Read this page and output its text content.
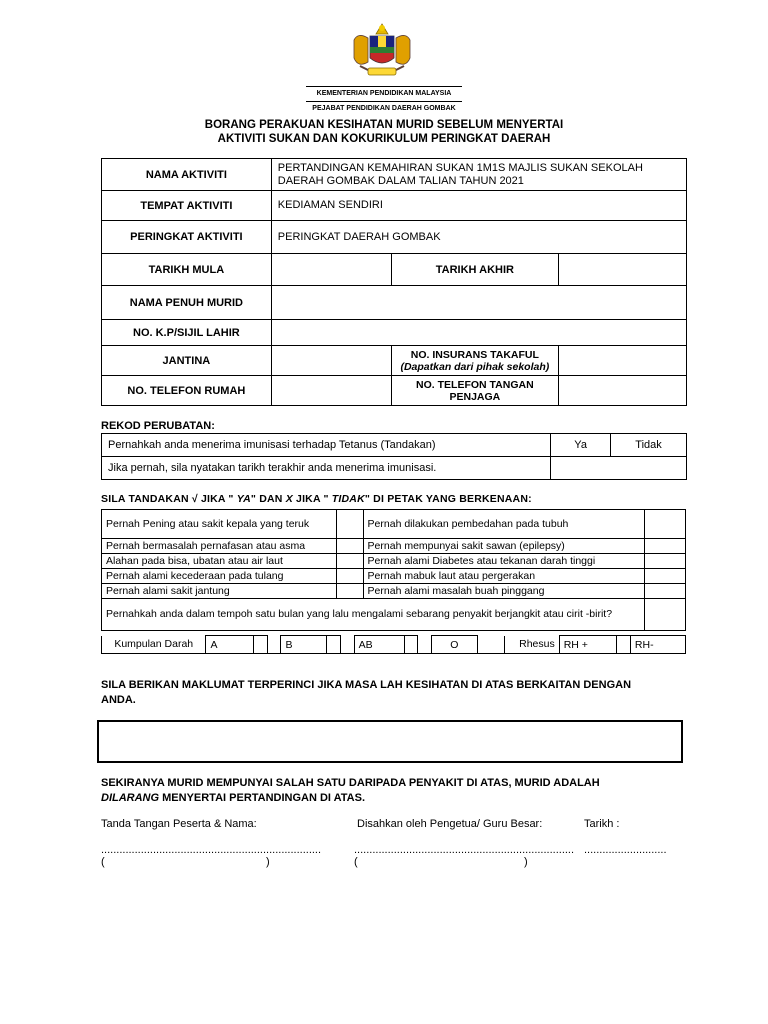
KEMENTERIAN PENDIDIKAN MALAYSIA
PEJABAT PENDIDIKAN DAERAH GOMBAK
BORANG PERAKUAN KESIHATAN MURID SEBELUM MENYERTAI
AKTIVITI SUKAN DAN KOKURIKULUM PERINGKAT DAERAH
NAMA AKTIVITI	PERTANDINGAN KEMAHIRAN SUKAN 1M1S MAJLIS SUKAN SEKOLAH DAERAH GOMBAK DALAM TALIAN TAHUN 2021		
TEMPAT AKTIVITI	KEDIAMAN SENDIRI		
PERINGKAT AKTIVITI	PERINGKAT DAERAH GOMBAK		
TARIKH MULA		TARIKH AKHIR	
NAMA PENUH MURID			
NO. K.P/SIJIL LAHIR			
JANTINA		NO. INSURANS TAKAFUL
(Dapatkan dari pihak sekolah)	

NO. TELEFON RUMAH		NO. TELEFON TANGAN PENJAGA	
REKOD PERUBATAN:
Pernahkah anda menerima imunisasi terhadap Tetanus (Tandakan)	Ya	Tidak
Jika pernah, sila nyatakan tarikh terakhir anda menerima imunisasi.		
SILA TANDAKAN √ JIKA " YA" DAN X JIKA " TIDAK" DI PETAK YANG BERKENAAN:
Pernah Pening atau sakit kepala yang teruk		Pernah dilakukan pembedahan pada tubuh	
Pernah bermasalah pernafasan atau asma		Pernah mempunyai sakit sawan (epilepsy)	
Alahan pada bisa, ubatan atau air laut		Pernah alami Diabetes atau tekanan darah tinggi	
Pernah alami kecederaan pada tulang		Pernah mabuk laut atau pergerakan	
Pernah alami sakit jantung		Pernah alami masalah buah pinggang	
Pernahkah anda dalam tempoh satu bulan yang lalu mengalami sebarang penyakit berjangkit atau cirit -birit?			
Kumpulan Darah	A			B			AB			O		Rhesus	RH +		RH-
SILA BERIKAN MAKLUMAT TERPERINCI JIKA MASA LAH KESIHATAN DI ATAS BERKAITAN DENGAN ANDA.
SEKIRANYA MURID MEMPUNYAI SALAH SATU DARIPADA PENYAKIT DI ATAS, MURID ADALAH
DILARANG MENYERTAI PERTANDINGAN DI ATAS.
Tanda Tangan Peserta & Nama:	Disahkan oleh Pengetua/ Guru Besar:	Tarikh :
........................................................................	........................................................................ ...........................
(	)	(	)
